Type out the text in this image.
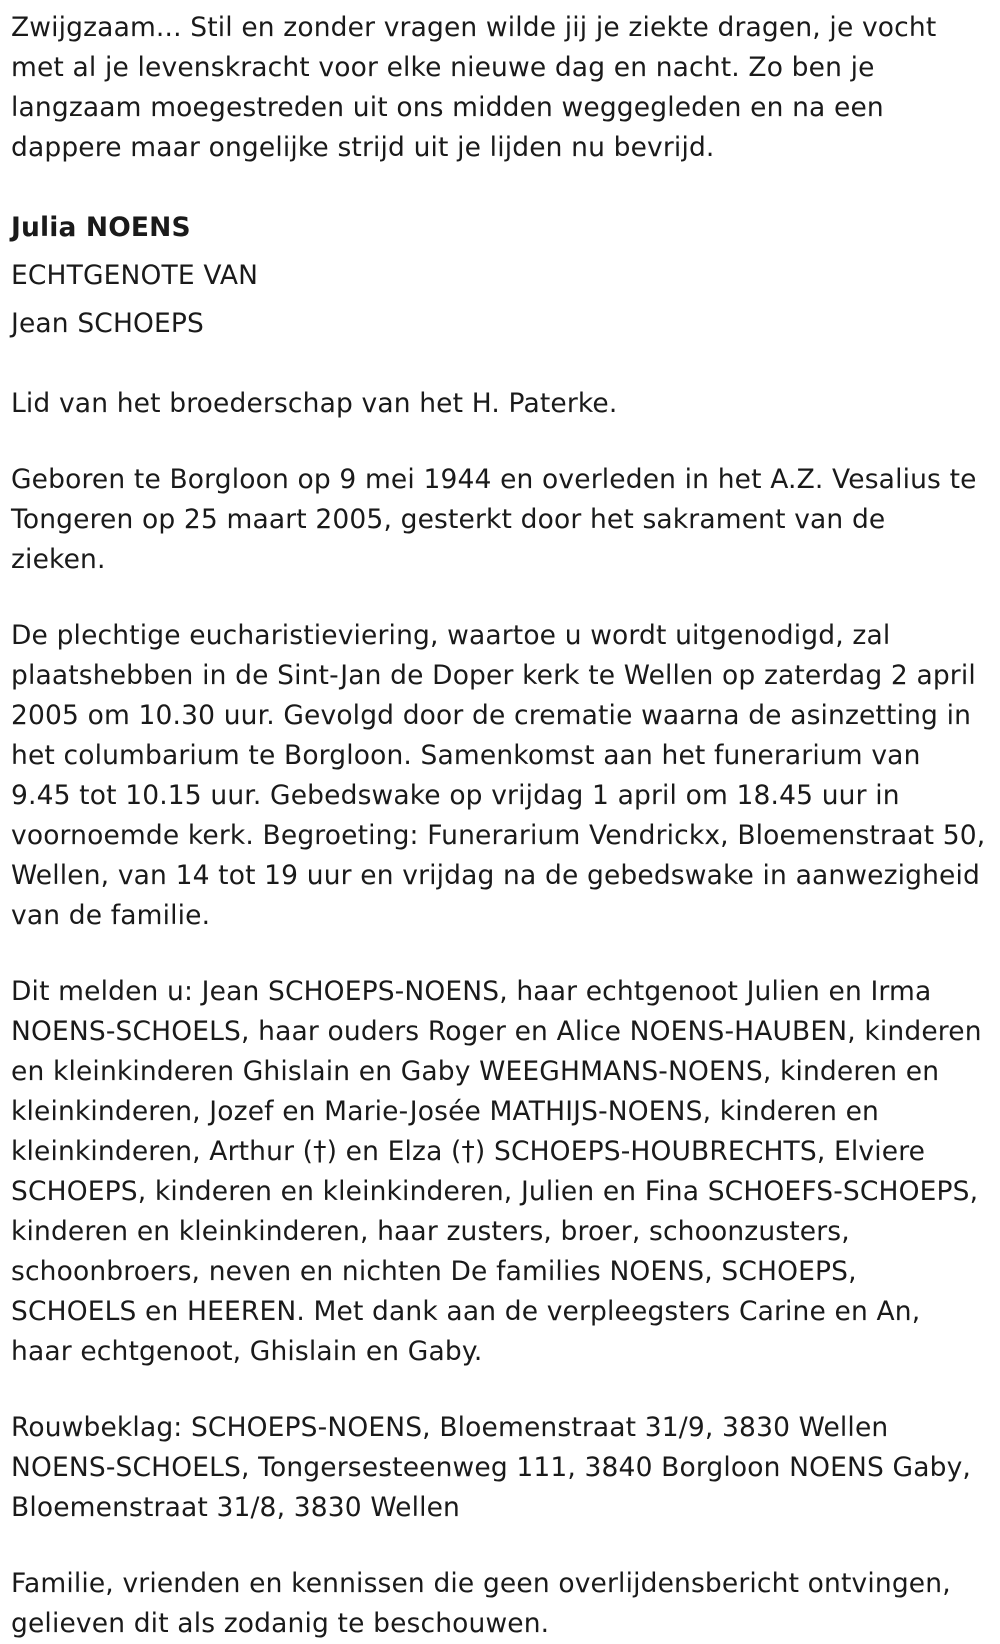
Zwijgzaam... Stil en zonder vragen wilde jij je ziekte dragen, je vocht met al je levenskracht voor elke nieuwe dag en nacht. Zo ben je langzaam moegestreden uit ons midden weggegleden en na een dappere maar ongelijke strijd uit je lijden nu bevrijd.

Julia NOENS

ECHTGENOTE VAN

Jean SCHOEPS

Lid van het broederschap van het H. Paterke.

Geboren te Borgloon op 9 mei 1944 en overleden in het A.Z. Vesalius te Tongeren op 25 maart 2005, gesterkt door het sakrament van de zieken.

De plechtige eucharistieviering, waartoe u wordt uitgenodigd, zal plaatshebben in de Sint-Jan de Doper kerk te Wellen op zaterdag 2 april 2005 om 10.30 uur. Gevolgd door de crematie waarna de asinzetting in het columbarium te Borgloon. Samenkomst aan het funerarium van 9.45 tot 10.15 uur. Gebedswake op vrijdag 1 april om 18.45 uur in voornoemde kerk. Begroeting: Funerarium Vendrickx, Bloemenstraat 50, Wellen, van 14 tot 19 uur en vrijdag na de gebedswake in aanwezigheid van de familie.

Dit melden u: Jean SCHOEPS-NOENS, haar echtgenoot Julien en Irma NOENS-SCHOELS, haar ouders Roger en Alice NOENS-HAUBEN, kinderen en kleinkinderen Ghislain en Gaby WEEGHMANS-NOENS, kinderen en kleinkinderen, Jozef en Marie-Josée MATHIJS-NOENS, kinderen en kleinkinderen, Arthur (†) en Elza (†) SCHOEPS-HOUBRECHTS, Elviere SCHOEPS, kinderen en kleinkinderen, Julien en Fina SCHOEFS-SCHOEPS, kinderen en kleinkinderen, haar zusters, broer, schoonzusters, schoonbroers, neven en nichten De families NOENS, SCHOEPS, SCHOELS en HEEREN. Met dank aan de verpleegsters Carine en An, haar echtgenoot, Ghislain en Gaby.

Rouwbeklag: SCHOEPS-NOENS, Bloemenstraat 31/9, 3830 Wellen NOENS-SCHOELS, Tongersesteenweg 111, 3840 Borgloon NOENS Gaby, Bloemenstraat 31/8, 3830 Wellen

Familie, vrienden en kennissen die geen overlijdensbericht ontvingen, gelieven dit als zodanig te beschouwen.
